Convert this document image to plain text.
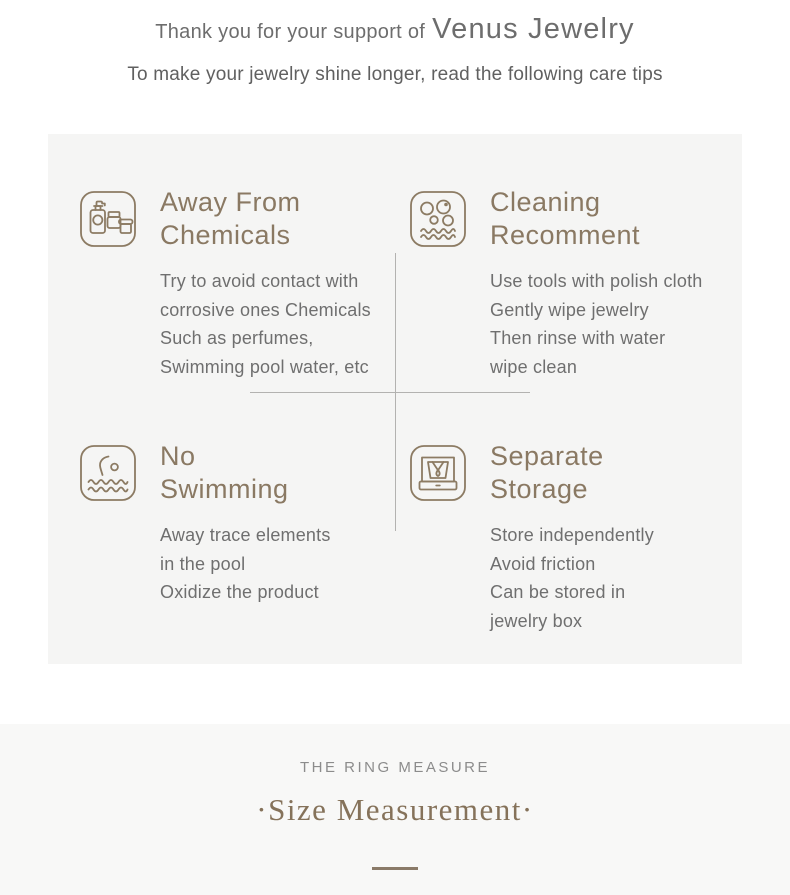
Thank you for your support of Venus Jewelry
To make your jewelry shine longer, read the following care tips
Away From
Chemicals
Try to avoid contact with
corrosive ones Chemicals
Such as perfumes,
Swimming pool water, etc
Cleaning
Recomment
Use tools with polish cloth
Gently wipe jewelry
Then rinse with water
wipe clean
No
Swimming
Away trace elements
in the pool
Oxidize the product
Separate
Storage
Store independently
Avoid friction
Can be stored in
jewelry box
THE RING MEASURE
·Size Measurement·
